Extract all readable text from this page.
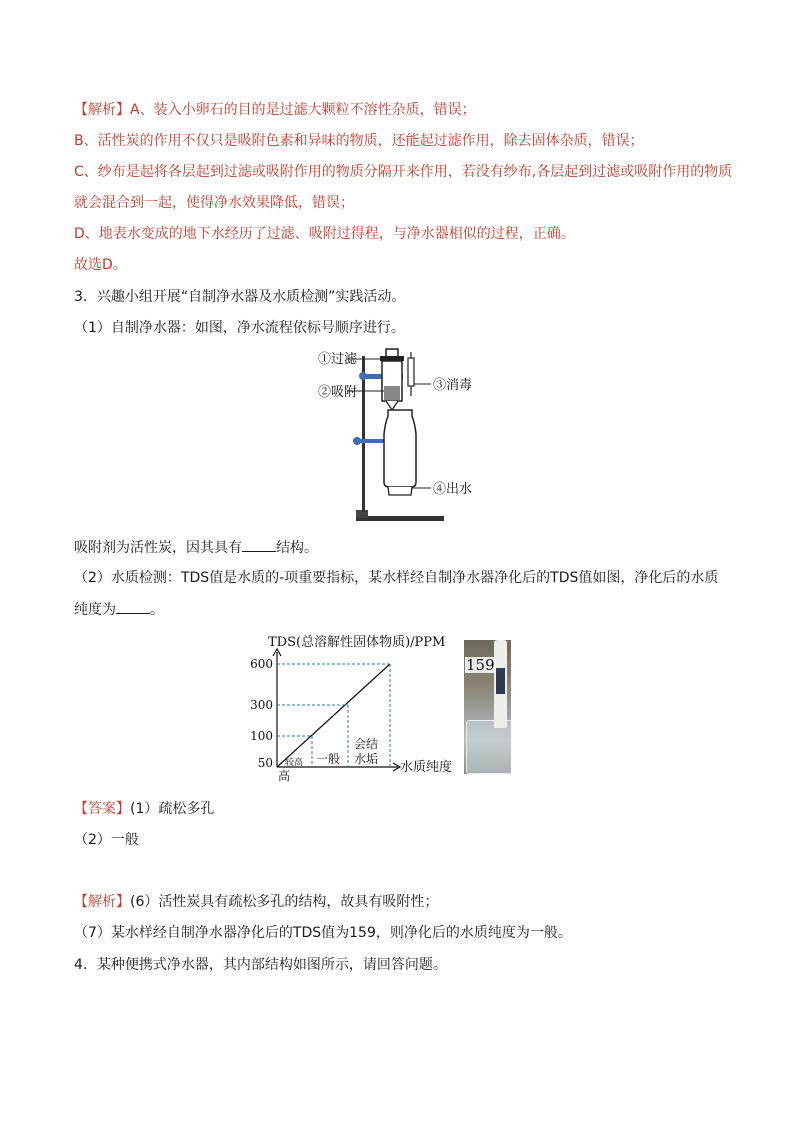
【解析】A、装入小卵石的目的是过滤大颗粒不溶性杂质，错误；
B、活性炭的作用不仅只是吸附色素和异味的物质，还能起过滤作用，除去固体杂质，错误；
C、纱布是起将各层起到过滤或吸附作用的物质分隔开来作用，若没有纱布,各层起到过滤或吸附作用的物质
就会混合到一起，使得净水效果降低，错误；
D、地表水变成的地下水经历了过滤、吸附过得程，与净水器相似的过程，正确。
故选D。
3．兴趣小组开展“自制净水器及水质检测”实践活动。
（1）自制净水器：如图，净水流程依标号顺序进行。
①过滤
②吸附	③消毒
④出水
吸附剂为活性炭，因其具有 结构。
（2）水质检测：TDS值是水质的-项重要指标，某水样经自制净水器净化后的TDS值如图，净化后的水质
纯度为 。
TDS(总溶解性固体物质)/PPM
水质纯度
50
100
300
600
较高
高
一般
会结
水垢
159
【答案】(1）疏松多孔
（2）一般
【解析】(6）活性炭具有疏松多孔的结构，故具有吸附性；
（7）某水样经自制净水器净化后的TDS值为159，则净化后的水质纯度为一般。
4．某种便携式净水器，其内部结构如图所示，请回答问题。
